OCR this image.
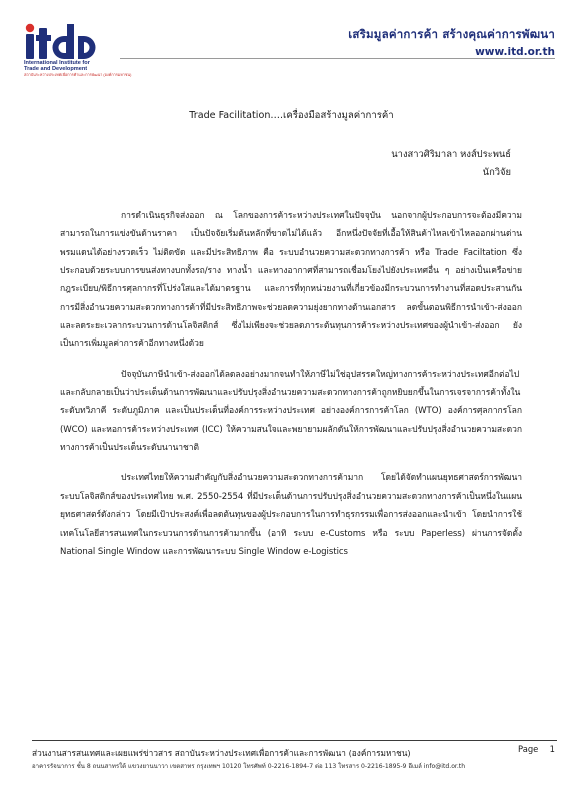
International Institute for
Trade and Development
สถาบันระหว่างประเทศเพื่อการค้าและการพัฒนา (องค์การมหาชน)
เสริมมูลค่าการค้า สร้างคุณค่าการพัฒนา
www.itd.or.th
Trade Facilitation….เครื่องมือสร้างมูลค่าการค้า
นางสาวศิริมาลา หงส์ประพนธ์
นักวิจัย

การดำเนินธุรกิจส่งออก ณ โลกของการค้าระหว่างประเทศในปัจจุบัน นอกจากผู้ประกอบการจะต้องมีความสามารถในการแข่งขันด้านราคา เป็นปัจจัยเริ่มต้นหลักที่ขาดไม่ได้แล้ว อีกหนึ่งปัจจัยที่เอื้อให้สินค้าไหลเข้าไหลออกผ่านด่านพรมแดนได้อย่างรวดเร็ว ไม่ติดขัด และมีประสิทธิภาพ คือ ระบบอำนวยความสะดวกทางการค้า หรือ Trade Faciltation ซึ่งประกอบด้วยระบบการขนส่งทางบกทั้งรถ/ราง ทางน้ำ และทางอากาศที่สามารถเชื่อมโยงไปยังประเทศอื่น ๆ อย่างเป็นเครือข่าย กฎระเบียบ/พิธีการศุลกากรที่โปร่งใสและได้มาตรฐาน และการที่ทุกหน่วยงานที่เกี่ยวข้องมีกระบวนการทำงานที่สอดประสานกัน การมีสิ่งอำนวยความสะดวกทางการค้าที่มีประสิทธิภาพจะช่วยลดความยุ่งยากทางด้านเอกสาร ลดขั้นตอนพิธีการนำเข้า-ส่งออก และลดระยะเวลากระบวนการด้านโลจิสติกส์ ซึ่งไม่เพียงจะช่วยลดภาระต้นทุนการค้าระหว่างประเทศของผู้นำเข้า-ส่งออก ยังเป็นการเพิ่มมูลค่าการค้าอีกทางหนึ่งด้วย

ปัจจุบันภาษีนำเข้า-ส่งออกได้ลดลงอย่างมากจนทำให้ภาษีไม่ใช่อุปสรรคใหญ่ทางการค้าระหว่างประเทศอีกต่อไป และกลับกลายเป็นว่าประเด็นด้านการพัฒนาและปรับปรุงสิ่งอำนวยความสะดวกทางการค้าถูกหยิบยกขึ้นในการเจรจาการค้าทั้งในระดับทวิภาคี ระดับภูมิภาค และเป็นประเด็นที่องค์การระหว่างประเทศ อย่างองค์การการค้าโลก (WTO) องค์การศุลกากรโลก (WCO) และหอการค้าระหว่างประเทศ (ICC) ให้ความสนใจและพยายามผลักดันให้การพัฒนาและปรับปรุงสิ่งอำนวยความสะดวกทางการค้าเป็นประเด็นระดับนานาชาติ

ประเทศไทยให้ความสำคัญกับสิ่งอำนวยความสะดวกทางการค้ามาก โดยได้จัดทำแผนยุทธศาสตร์การพัฒนาระบบโลจิสติกส์ของประเทศไทย พ.ศ. 2550-2554 ที่มีประเด็นด้านการปรับปรุงสิ่งอำนวยความสะดวกทางการค้าเป็นหนึ่งในแผนยุทธศาสตร์ดังกล่าว โดยมีเป้าประสงค์เพื่อลดต้นทุนของผู้ประกอบการในการทำธุรกรรมเพื่อการส่งออกและนำเข้า โดยนำการใช้เทคโนโลยีสารสนเทศในกระบวนการด้านการค้ามากขึ้น (อาทิ ระบบ e-Customs หรือ ระบบ Paperless) ผ่านการจัดตั้ง National Single Window และการพัฒนาระบบ Single Window e-Logistics

ส่วนงานสารสนเทศและเผยแพร่ข่าวสาร สถาบันระหว่างประเทศเพื่อการค้าและการพัฒนา (องค์การมหาชน)	Page 1
อาคารรัจนาการ ชั้น 8 ถนนสาทรใต้ แขวงยานนาวา เขตสาทร กรุงเทพฯ 10120 โทรศัพท์ 0-2216-1894-7 ต่อ 113 โทรสาร 0-2216-1895-9 อีเมล์ info@itd.or.th
